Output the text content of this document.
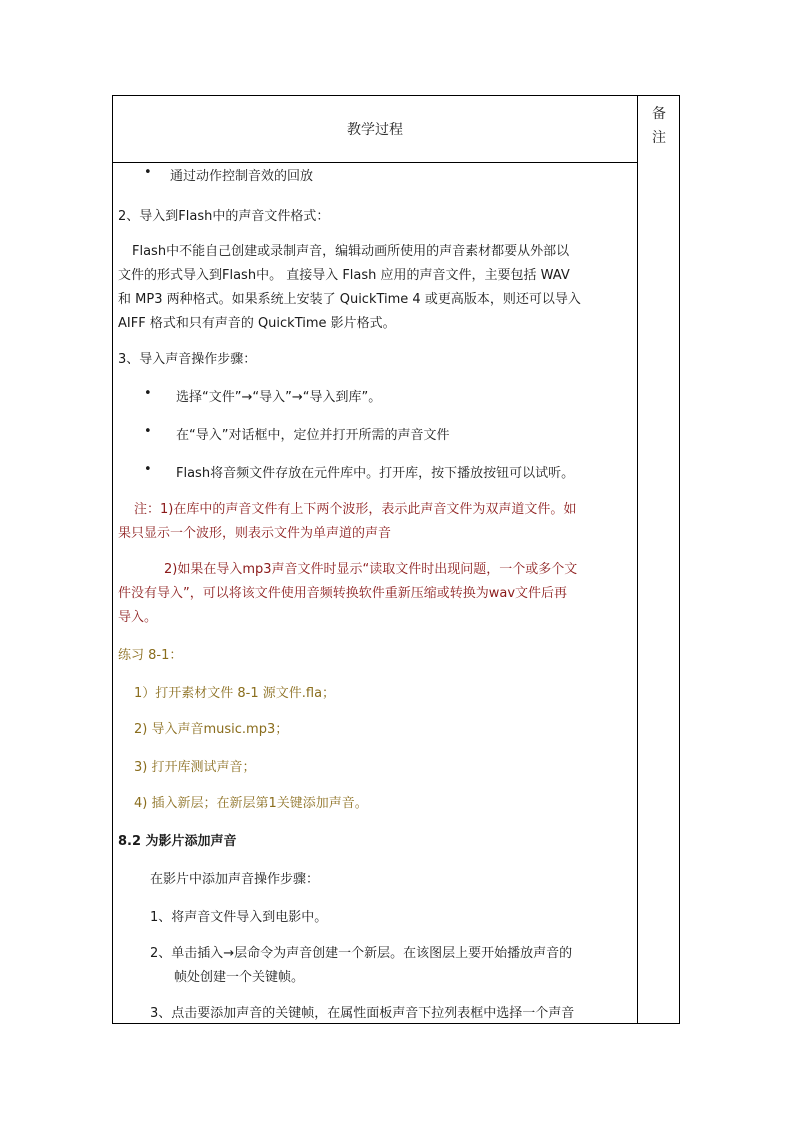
教学过程
备
注
• 通过动作控制音效的回放
2、导入到Flash中的声音文件格式：
Flash中不能自己创建或录制声音，编辑动画所使用的声音素材都要从外部以
文件的形式导入到Flash中。 直接导入 Flash 应用的声音文件，主要包括 WAV
和 MP3 两种格式。如果系统上安装了 QuickTime 4 或更高版本，则还可以导入
AIFF 格式和只有声音的 QuickTime 影片格式。
3、导入声音操作步骤：
• 选择“文件”→“导入”→“导入到库”。
• 在“导入”对话框中，定位并打开所需的声音文件
• Flash将音频文件存放在元件库中。打开库，按下播放按钮可以试听。
注：1)在库中的声音文件有上下两个波形，表示此声音文件为双声道文件。如
果只显示一个波形，则表示文件为单声道的声音
2)如果在导入mp3声音文件时显示“读取文件时出现问题，一个或多个文
件没有导入”，可以将该文件使用音频转换软件重新压缩或转换为wav文件后再
导入。
练习 8-1：
1）打开素材文件 8-1 源文件.fla；
2) 导入声音music.mp3；
3) 打开库测试声音；
4) 插入新层；在新层第1关键添加声音。
8.2 为影片添加声音
在影片中添加声音操作步骤：
1、将声音文件导入到电影中。
2、单击插入→层命令为声音创建一个新层。在该图层上要开始播放声音的
帧处创建一个关键帧。
3、点击要添加声音的关键帧，在属性面板声音下拉列表框中选择一个声音
